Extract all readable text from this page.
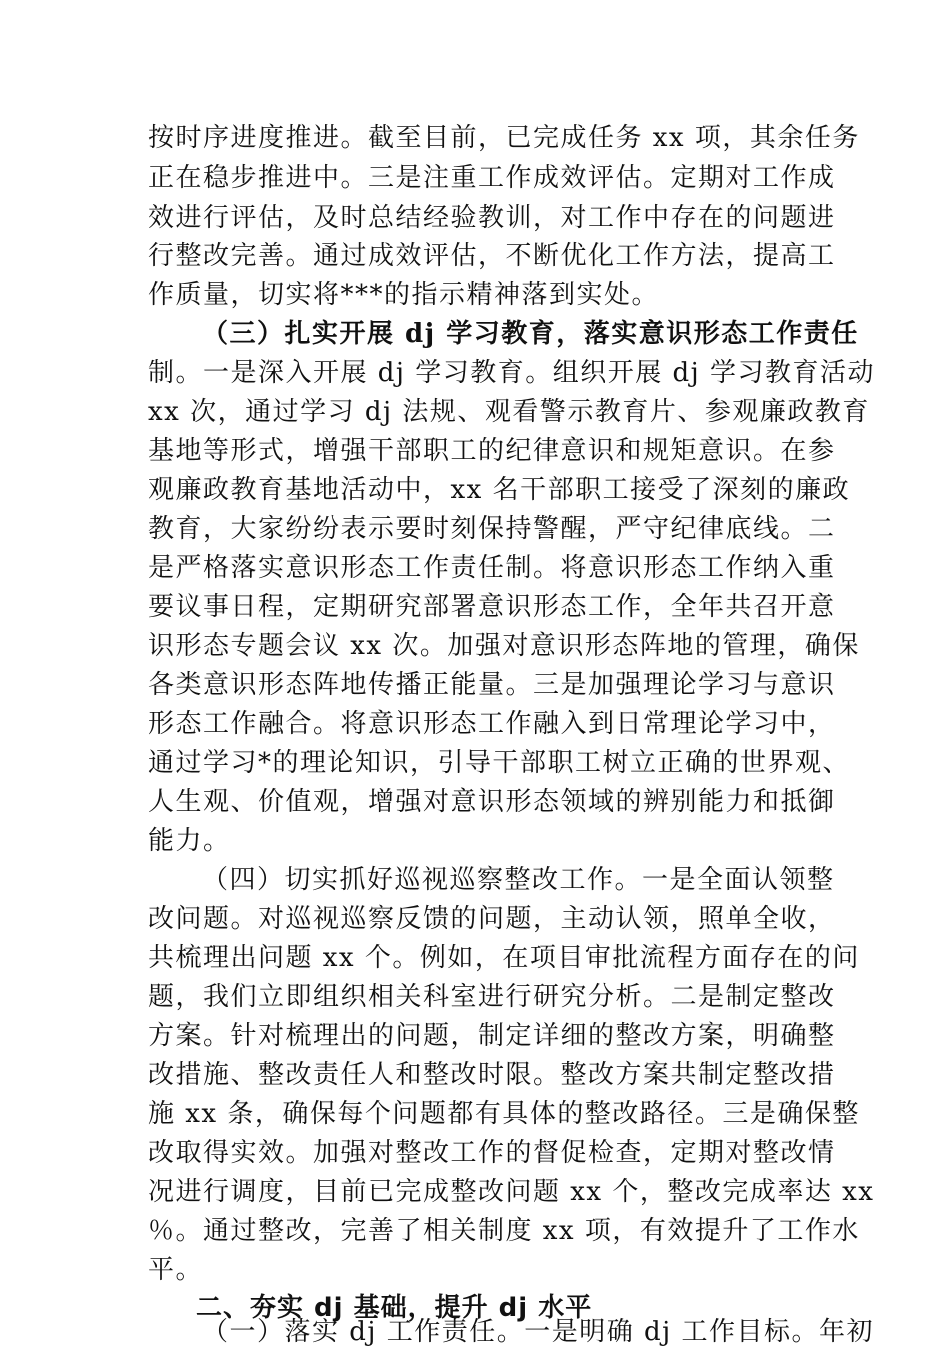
按时序进度推进。截至目前，已完成任务 xx 项，其余任务
正在稳步推进中。三是注重工作成效评估。定期对工作成
效进行评估，及时总结经验教训，对工作中存在的问题进
行整改完善。通过成效评估，不断优化工作方法，提高工
作质量，切实将***的指示精神落到实处。
（三）扎实开展 dj 学习教育，落实意识形态工作责任
制。一是深入开展 dj 学习教育。组织开展 dj 学习教育活动
xx 次，通过学习 dj 法规、观看警示教育片、参观廉政教育
基地等形式，增强干部职工的纪律意识和规矩意识。在参
观廉政教育基地活动中，xx 名干部职工接受了深刻的廉政
教育，大家纷纷表示要时刻保持警醒，严守纪律底线。二
是严格落实意识形态工作责任制。将意识形态工作纳入重
要议事日程，定期研究部署意识形态工作，全年共召开意
识形态专题会议 xx 次。加强对意识形态阵地的管理，确保
各类意识形态阵地传播正能量。三是加强理论学习与意识
形态工作融合。将意识形态工作融入到日常理论学习中，
通过学习*的理论知识，引导干部职工树立正确的世界观、
人生观、价值观，增强对意识形态领域的辨别能力和抵御
能力。
（四）切实抓好巡视巡察整改工作。一是全面认领整
改问题。对巡视巡察反馈的问题，主动认领，照单全收，
共梳理出问题 xx 个。例如，在项目审批流程方面存在的问
题，我们立即组织相关科室进行研究分析。二是制定整改
方案。针对梳理出的问题，制定详细的整改方案，明确整
改措施、整改责任人和整改时限。整改方案共制定整改措
施 xx 条，确保每个问题都有具体的整改路径。三是确保整
改取得实效。加强对整改工作的督促检查，定期对整改情
况进行调度，目前已完成整改问题 xx 个，整改完成率达 xx
％。通过整改，完善了相关制度 xx 项，有效提升了工作水
平。
二、夯实 dj 基础，提升 dj 水平
（一）落实 dj 工作责任。一是明确 dj 工作目标。年初
